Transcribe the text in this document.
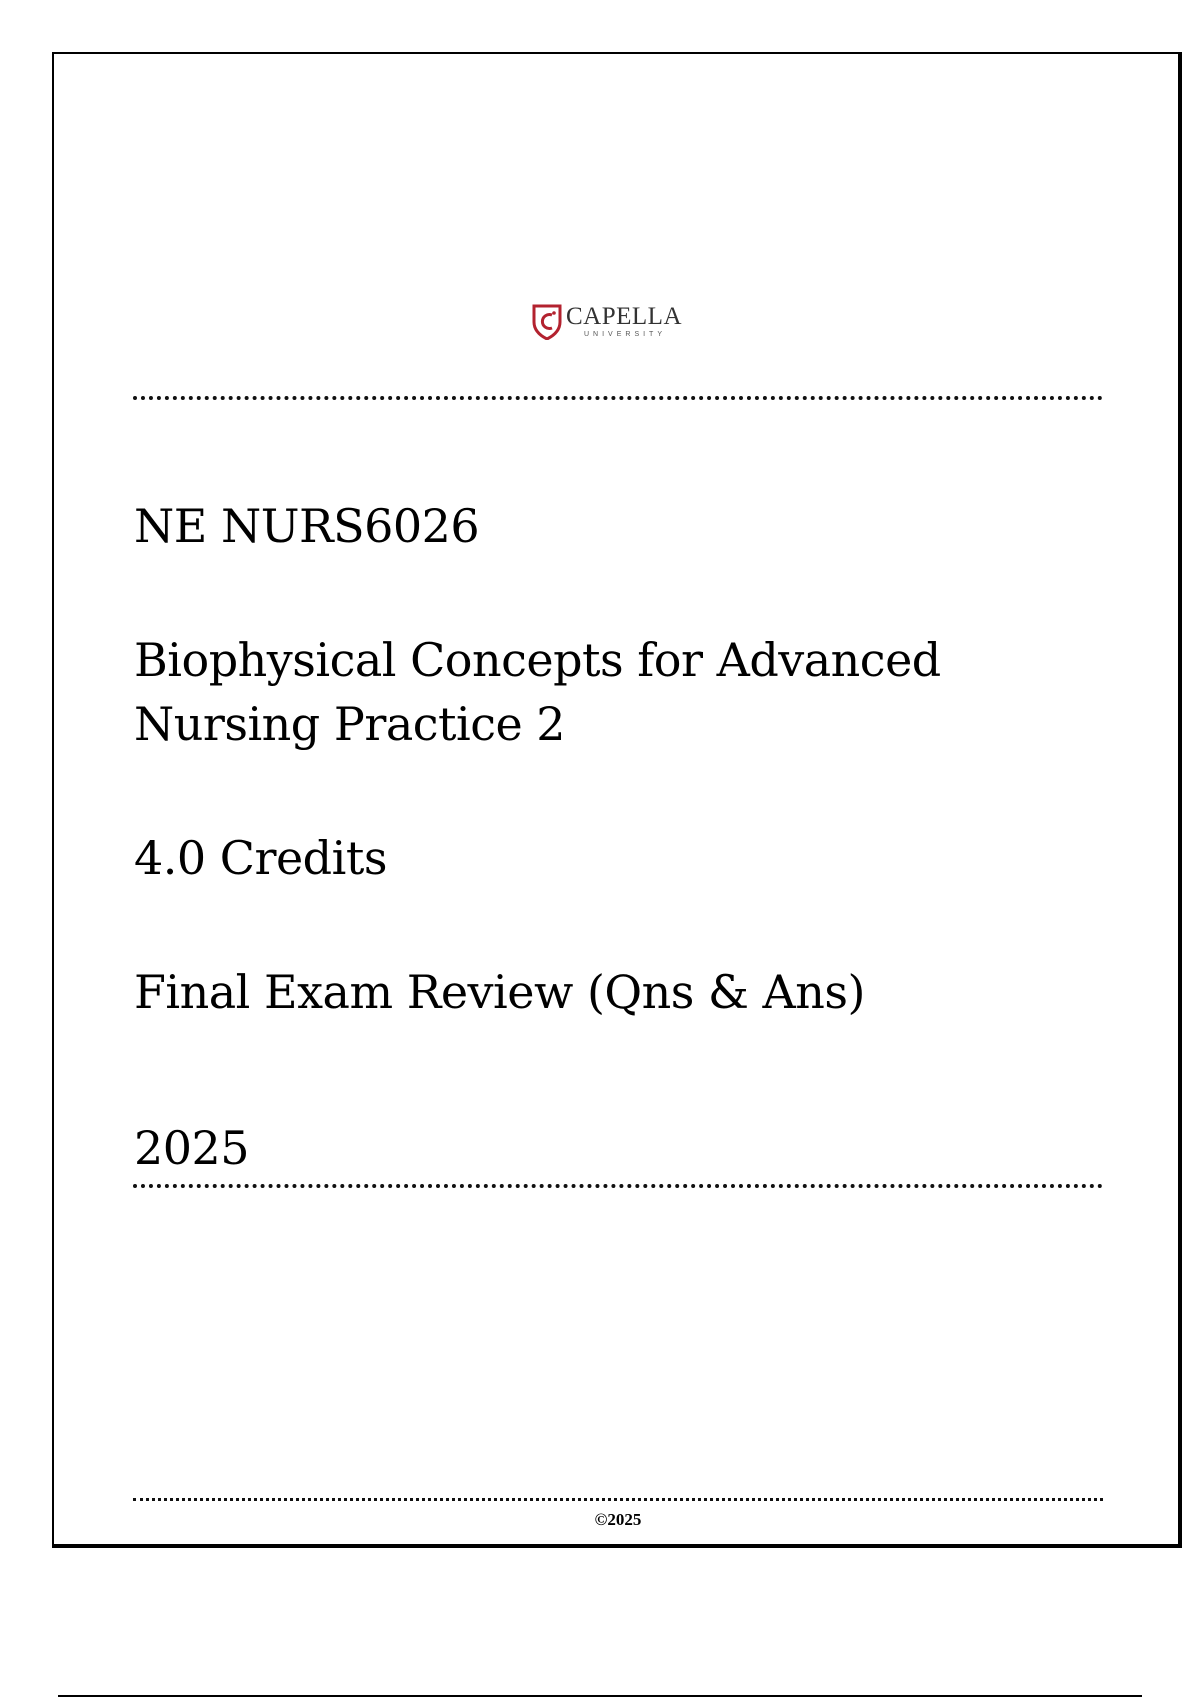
CAPELLA
UNIVERSITY
NE NURS6026
Biophysical Concepts for Advanced
Nursing Practice 2
4.0 Credits
Final Exam Review (Qns & Ans)
2025
©2025
